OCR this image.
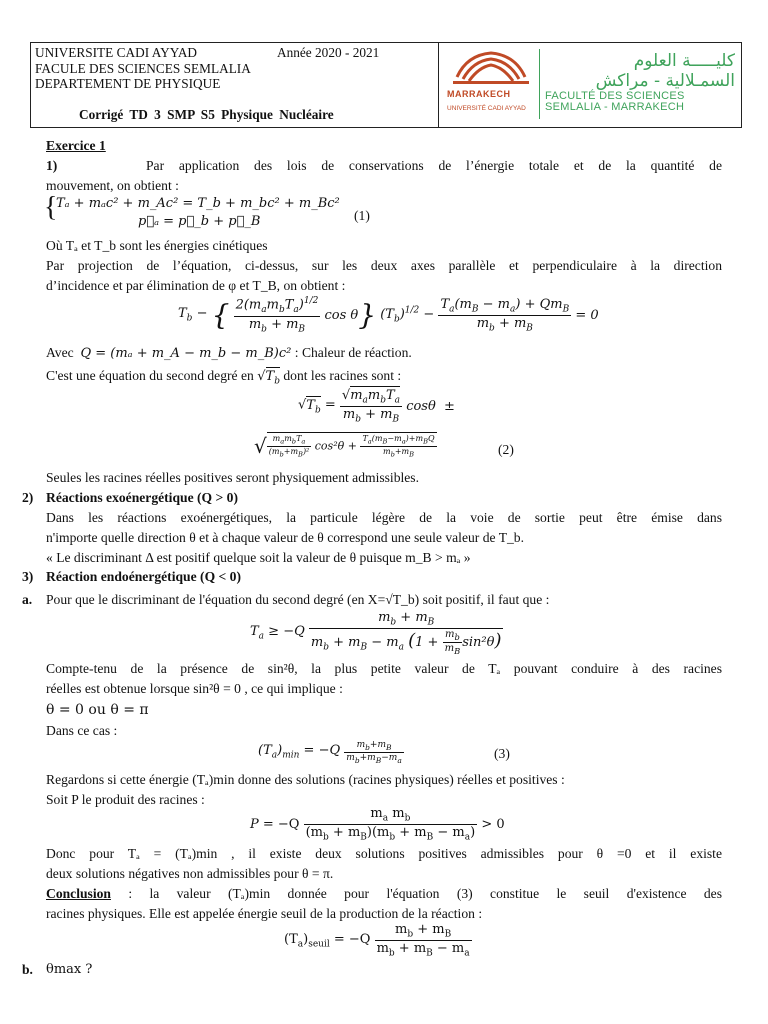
UNIVERSITE CADI AYYAD
FACULE DES SCIENCES SEMLALIA
DEPARTEMENT DE PHYSIQUE
Année 2020 - 2021
Corrigé TD 3 SMP S5 Physique Nucléaire
MARRAKECH
UNIVERSITÉ CADI AYYAD
كليـــــة العلوم
السمـلالية - مراكش
FACULTÉ DES SCIENCES
SEMLALIA - MARRAKECH
Exercice 1
1)	Par application des lois de conservations de l’énergie totale et de la quantité de
mouvement, on obtient :
{
Tₐ + mₐc² + m_Ac² = T_b + m_bc² + m_Bc²
p⃗ₐ = p⃗_b + p⃗_B	(1)
Où Tₐ et T_b sont les énergies cinétiques
Par projection de l’équation, ci-dessus, sur les deux axes parallèle et perpendiculaire à la direction
d’incidence et par élimination de φ et T_B, on obtient :
$T_b$ − { $\frac{2(m_am_bT_a)^{1/2}}{m_b + m_B}$ cos θ} $(T_b)^{1/2} - \frac{T_a(m_B - m_a) + Qm_B}{m_b + m_B} = 0$
Avec Q = (mₐ + m_A − m_b − m_B)c² : Chaleur de réaction.
C'est une équation du second degré en $√T_b$ dont les racines sont :
$√T_b = \frac{√m_am_bT_a}{m_b + m_B}$ cosθ  ±
√ $\frac{m_am_bT_a}{(m_b+m_B)^2} \cos^2\theta + \frac{T_a(m_B-m_a)+m_BQ}{m_b+m_B}$	(2)
Seules les racines réelles positives seront physiquement admissibles.
2) Réactions exoénergétique (Q > 0)
Dans les réactions exoénergétiques, la particule légère de la voie de sortie peut être émise dans
n'importe quelle direction θ et à chaque valeur de θ correspond une seule valeur de T_b.
« Le discriminant Δ est positif quelque soit la valeur de θ puisque m_B > mₐ »
3) Réaction endoénergétique (Q < 0)
a. Pour que le discriminant de l'équation du second degré (en X=√T_b) soit positif, il faut que :
$T_a \ge -Q \frac{m_b + m_B}{m_b + m_B - m_a (1 + \frac{m_b}{m_B} \sin^2\theta)}$
Compte-tenu de la présence de sin²θ, la plus petite valeur de Tₐ pouvant conduire à des racines
réelles est obtenue lorsque sin²θ = 0 , ce qui implique :
θ = 0 ou θ = π
Dans ce cas :
$(T_a)_{min} = -Q \frac{m_b+m_B}{m_b+m_B-m_a}$	(3)
Regardons si cette énergie (Tₐ)min donne des solutions (racines physiques) réelles et positives :
Soit P le produit des racines :
$P = -Q \frac{m_a m_b}{(m_b + m_B)(m_b + m_B - m_a)} > 0$
Donc pour Tₐ = (Tₐ)min , il existe deux solutions positives admissibles pour θ =0 et il existe
deux solutions négatives non admissibles pour θ = π.
Conclusion : la valeur (Tₐ)min donnée pour l'équation (3) constitue le seuil d'existence des
racines physiques. Elle est appelée énergie seuil de la production de la réaction :
$(T_a)_{seuil} = -Q \frac{m_b + m_B}{m_b + m_B - m_a}$
b. θmax ?
